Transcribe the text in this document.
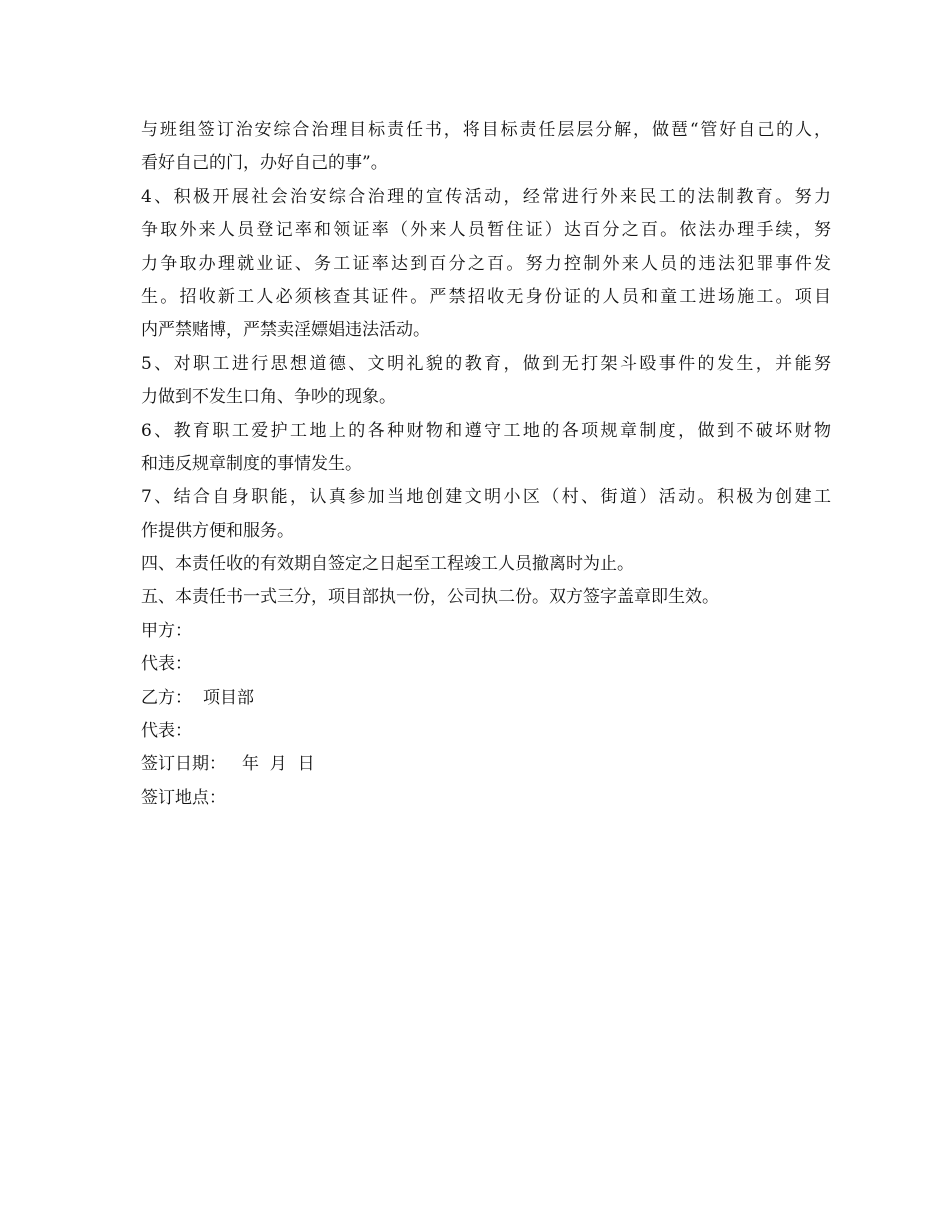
与班组签订治安综合治理目标责任书，将目标责任层层分解，做琶“管好自己的人，
看好自己的门，办好自己的事”。
4、积极开展社会治安综合治理的宣传活动，经常进行外来民工的法制教育。努力
争取外来人员登记率和领证率（外来人员暂住证）达百分之百。依法办理手续，努
力争取办理就业证、务工证率达到百分之百。努力控制外来人员的违法犯罪事件发
生。招收新工人必须核查其证件。严禁招收无身份证的人员和童工进场施工。项目
内严禁赌博，严禁卖淫嫖娼违法活动。
5、对职工进行思想道德、文明礼貌的教育，做到无打架斗殴事件的发生，并能努
力做到不发生口角、争吵的现象。
6、教育职工爱护工地上的各种财物和遵守工地的各项规章制度，做到不破坏财物
和违反规章制度的事情发生。
7、结合自身职能，认真参加当地创建文明小区（村、街道）活动。积极为创建工
作提供方便和服务。
四、本责任收的有效期自签定之日起至工程竣工人员撤离时为止。
五、本责任书一式三分，项目部执一份，公司执二份。双方签字盖章即生效。
甲方：
代表：
乙方： 项目部
代表：
签订日期： 年  月  日
签订地点：
